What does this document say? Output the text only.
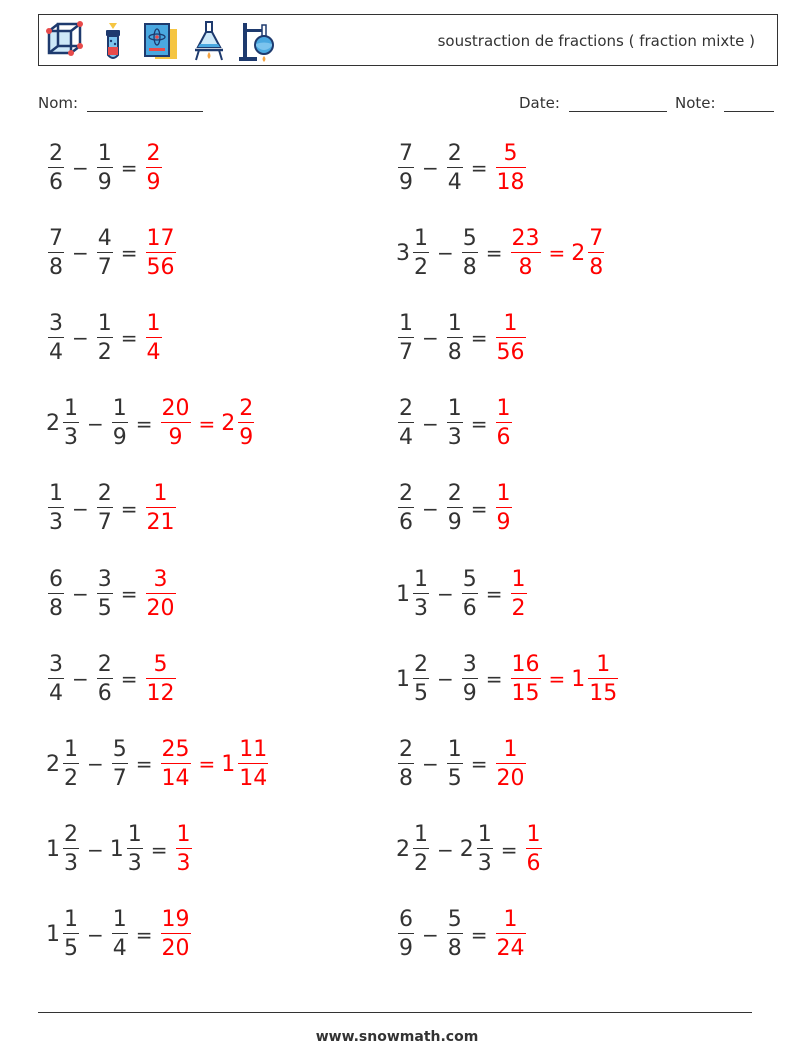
soustraction de fractions ( fraction mixte )
Nom:	Date:	Note:
$\frac{2}{6} - \frac{1}{9} = \frac{2}{9}$	$\frac{7}{9} - \frac{2}{4} = \frac{5}{18}$
$\frac{7}{8} - \frac{4}{7} = \frac{17}{56}$	$3 \frac{1}{2} - \frac{5}{8} = \frac{23}{8} = 2 \frac{7}{8}$
$\frac{3}{4} - \frac{1}{2} = \frac{1}{4}$	$\frac{1}{7} - \frac{1}{8} = \frac{1}{56}$
$2 \frac{1}{3} - \frac{1}{9} = \frac{20}{9} = 2 \frac{2}{9}$	$\frac{2}{4} - \frac{1}{3} = \frac{1}{6}$
$\frac{1}{3} - \frac{2}{7} = \frac{1}{21}$	$\frac{2}{6} - \frac{2}{9} = \frac{1}{9}$
$\frac{6}{8} - \frac{3}{5} = \frac{3}{20}$	$1 \frac{1}{3} - \frac{5}{6} = \frac{1}{2}$
$\frac{3}{4} - \frac{2}{6} = \frac{5}{12}$	$1 \frac{2}{5} - \frac{3}{9} = \frac{16}{15} = 1 \frac{1}{15}$
$2 \frac{1}{2} - \frac{5}{7} = \frac{25}{14} = 1 \frac{11}{14}$	$\frac{2}{8} - \frac{1}{5} = \frac{1}{20}$
$1 \frac{2}{3} - 1 \frac{1}{3} = \frac{1}{3}$	$2 \frac{1}{2} - 2 \frac{1}{3} = \frac{1}{6}$
$1 \frac{1}{5} - \frac{1}{4} = \frac{19}{20}$	$\frac{6}{9} - \frac{5}{8} = \frac{1}{24}$
www.snowmath.com
